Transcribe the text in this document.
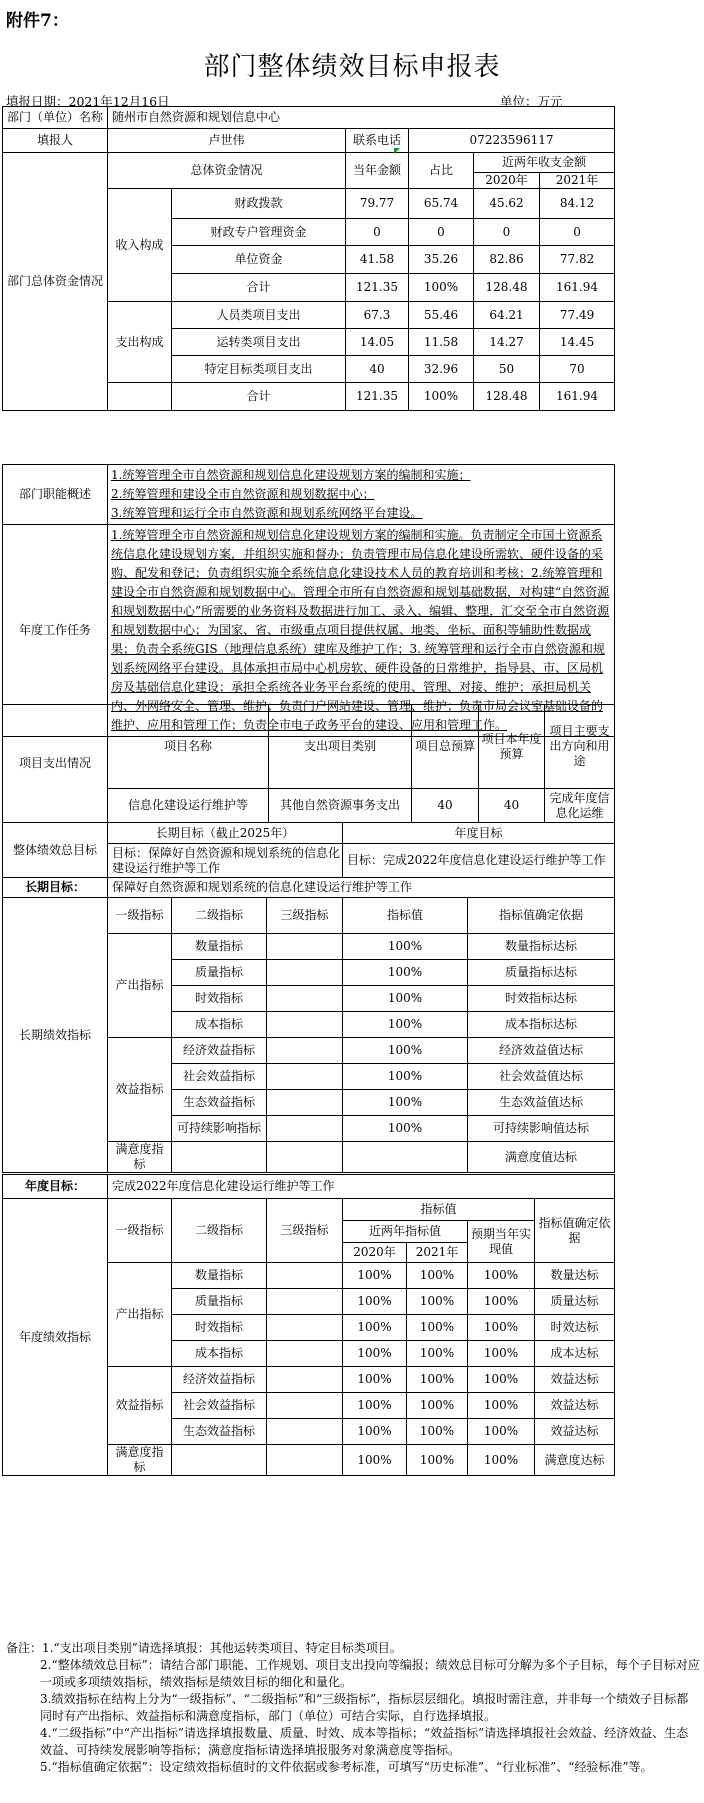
附件7：
部门整体绩效目标申报表
填报日期：2021年12月16日	单位：万元
部门（单位）名称	随州市自然资源和规划信息中心					
填报人	卢世伟		联系电话	07223596117		
部门总体资金情况	总体资金情况		当年金额	占比	近两年收支金额	
					2020年	2021年
	收入构成	财政拨款	79.77	65.74	45.62	84.12
		财政专户管理资金	0	0	0	0
		单位资金	41.58	35.26	82.86	77.82
		合计	121.35	100%	128.48	161.94
	支出构成	人员类项目支出	67.3	55.46	64.21	77.49
		运转类项目支出	14.05	11.58	14.27	14.45
		特定目标类项目支出	40	32.96	50	70
		合计	121.35	100%	128.48	161.94
部门职能概述	1.统筹管理全市自然资源和规划信息化建设规划方案的编制和实施；
2.统筹管理和建设全市自然资源和规划数据中心；
3.统筹管理和运行全市自然资源和规划系统网络平台建设。

年度工作任务	1.统筹管理全市自然资源和规划信息化建设规划方案的编制和实施。负责制定全市国土资源系统信息化建设规划方案，并组织实施和督办；负责管理市局信息化建设所需软、硬件设备的采购、配发和登记；负责组织实施全系统信息化建设技术人员的教育培训和考核；2.统筹管理和建设全市自然资源和规划数据中心。管理全市所有自然资源和规划基础数据，对构建“自然资源和规划数据中心”所需要的业务资料及数据进行加工、录入、编辑、整理，汇交至全市自然资源和规划数据中心；为国家、省、市级重点项目提供权属、地类、坐标、面积等辅助性数据成果；负责全系统GIS（地理信息系统）建库及维护工作；3. 统筹管理和运行全市自然资源和规划系统网络平台建设。具体承担市局中心机房软、硬件设备的日常维护，指导县、市、区局机房及基础信息化建设；承担全系统各业务平台系统的使用、管理、对接、维护；承担局机关内、外网络安全、管理、维护；负责门户网站建设、管理、维护；负责市局会议室基础设备的维护、应用和管理工作；负责全市电子政务平台的建设、应用和管理工作。
项目支出情况	项目名称	支出项目类别	项目总预算	项目本年度预算	项目主要支出方向和用途
	信息化建设运行维护等	其他自然资源事务支出	40	40	完成年度信息化运维
整体绩效总目标	长期目标（截止2025年）	年度目标
	目标：保障好自然资源和规划系统的信息化建设运行维护等工作	目标：完成2022年度信息化建设运行维护等工作
长期目标：	保障好自然资源和规划系统的信息化建设运行维护等工作				
长期绩效指标	一级指标	二级指标	三级指标	指标值	指标值确定依据
	产出指标	数量指标		100%	数量指标达标
		质量指标		100%	质量指标达标
		时效指标		100%	时效指标达标
		成本指标		100%	成本指标达标
	效益指标	经济效益指标		100%	经济效益值达标
		社会效益指标		100%	社会效益值达标
		生态效益指标		100%	生态效益值达标
		可持续影响指标		100%	可持续影响值达标
	满意度指标				满意度值达标
年度目标：	完成2022年度信息化建设运行维护等工作						
年度绩效指标	一级指标	二级指标	三级指标	指标值			指标值确定依据
				近两年指标值		预期当年实现值	
				2020年	2021年		
	产出指标	数量指标		100%	100%	100%	数量达标
		质量指标		100%	100%	100%	质量达标
		时效指标		100%	100%	100%	时效达标
		成本指标		100%	100%	100%	成本达标
	效益指标	经济效益指标		100%	100%	100%	效益达标
		社会效益指标		100%	100%	100%	效益达标
		生态效益指标		100%	100%	100%	效益达标
	满意度指标			100%	100%	100%	满意度达标
备注：1.“支出项目类别”请选择填报：其他运转类项目、特定目标类项目。
2.“整体绩效总目标”：请结合部门职能、工作规划、项目支出投向等编报；绩效总目标可分解为多个子目标，每个子目标对应一项或多项绩效指标，绩效指标是绩效目标的细化和量化。
3.绩效指标在结构上分为“一级指标”、“二级指标”和“三级指标”，指标层层细化。填报时需注意，并非每一个绩效子目标都同时有产出指标、效益指标和满意度指标，部门（单位）可结合实际，自行选择填报。
4.“二级指标”中“产出指标”请选择填报数量、质量、时效、成本等指标；“效益指标”请选择填报社会效益、经济效益、生态效益、可持续发展影响等指标；满意度指标请选择填报服务对象满意度等指标。
5.“指标值确定依据”：设定绩效指标值时的文件依据或参考标准，可填写“历史标准”、“行业标准”、“经验标准”等。
